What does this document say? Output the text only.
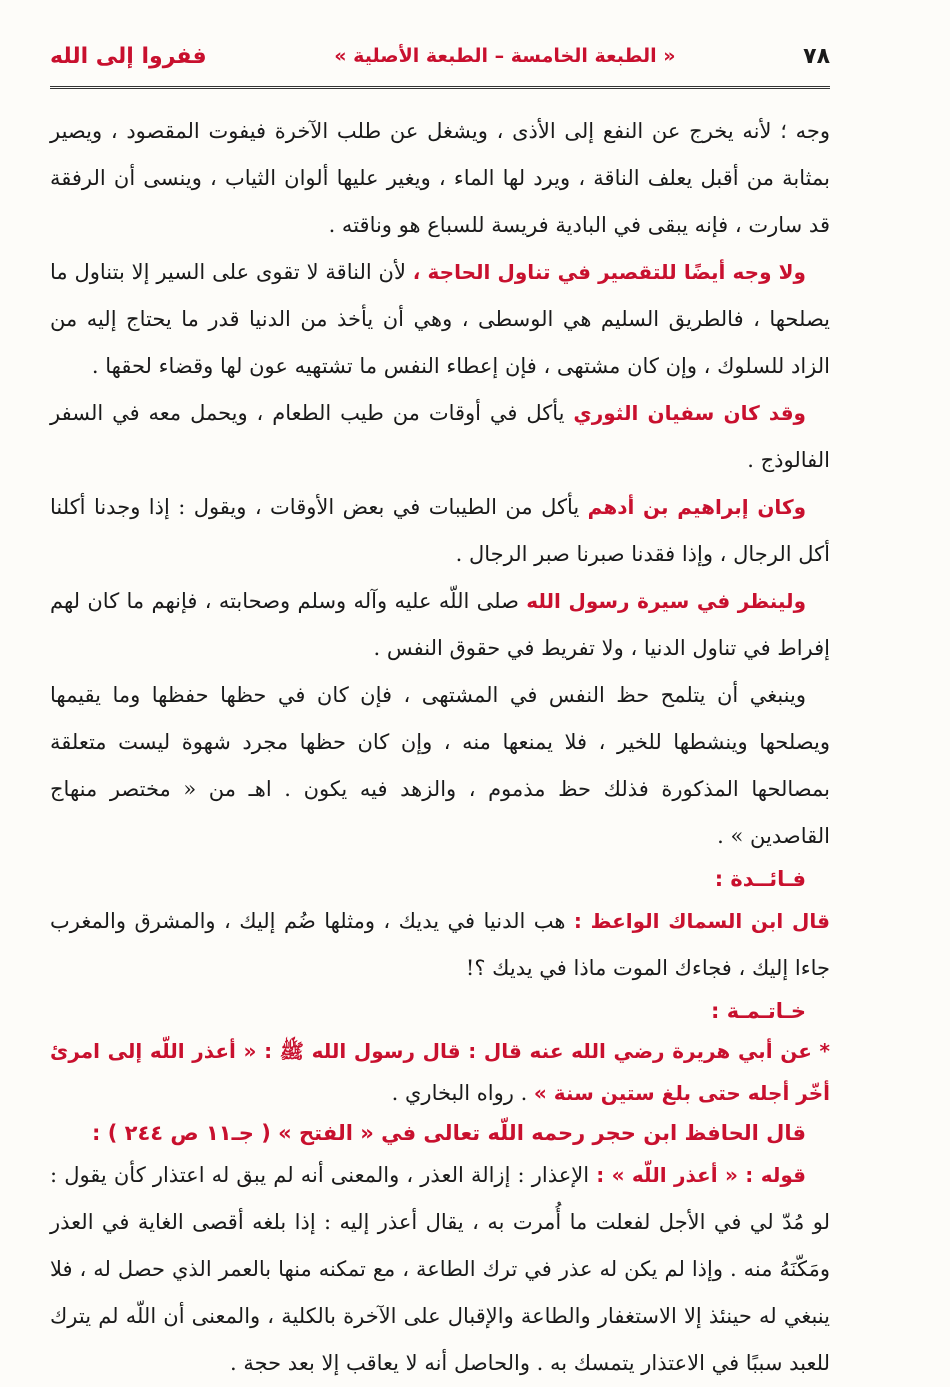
٧٨
« الطبعة الخامسة – الطبعة الأصلية »
ففروا إلى الله

وجه ؛ لأنه يخرج عن النفع إلى الأذى ، ويشغل عن طلب الآخرة فيفوت المقصود ، ويصير بمثابة من أقبل يعلف الناقة ، ويرد لها الماء ، ويغير عليها ألوان الثياب ، وينسى أن الرفقة قد سارت ، فإنه يبقى في البادية فريسة للسباع هو وناقته .

ولا وجه أيضًا للتقصير في تناول الحاجة ، لأن الناقة لا تقوى على السير إلا بتناول ما يصلحها ، فالطريق السليم هي الوسطى ، وهي أن يأخذ من الدنيا قدر ما يحتاج إليه من الزاد للسلوك ، وإن كان مشتهى ، فإن إعطاء النفس ما تشتهيه عون لها وقضاء لحقها .

وقد كان سفيان الثوري يأكل في أوقات من طيب الطعام ، ويحمل معه في السفر الفالوذج .

وكان إبراهيم بن أدهم يأكل من الطيبات في بعض الأوقات ، ويقول : إذا وجدنا أكلنا أكل الرجال ، وإذا فقدنا صبرنا صبر الرجال .

ولينظر في سيرة رسول الله صلى اللّه عليه وآله وسلم وصحابته ، فإنهم ما كان لهم إفراط في تناول الدنيا ، ولا تفريط في حقوق النفس .

وينبغي أن يتلمح حظ النفس في المشتهى ، فإن كان في حظها حفظها وما يقيمها ويصلحها وينشطها للخير ، فلا يمنعها منه ، وإن كان حظها مجرد شهوة ليست متعلقة بمصالحها المذكورة فذلك حظ مذموم ، والزهد فيه يكون . اهـ من « مختصر منهاج القاصدين » .

فـائــدة :

قال ابن السماك الواعظ : هب الدنيا في يديك ، ومثلها ضُم إليك ، والمشرق والمغرب جاءا إليك ، فجاءك الموت ماذا في يديك ؟!

خـاتـمـة :

* عن أبي هريرة رضي الله عنه قال : قال رسول الله ﷺ : « أعذر اللّه إلى امرئ أخّر أجله حتى بلغ ستين سنة » . رواه البخاري .

قال الحافظ ابن حجر رحمه اللّه تعالى في « الفتح » ( جـ١١ ص ٢٤٤ ) :

قوله : « أعذر اللّه » : الإعذار : إزالة العذر ، والمعنى أنه لم يبق له اعتذار كأن يقول : لو مُدّ لي في الأجل لفعلت ما أُمرت به ، يقال أعذر إليه : إذا بلغه أقصى الغاية في العذر ومَكّنَهُ منه . وإذا لم يكن له عذر في ترك الطاعة ، مع تمكنه منها بالعمر الذي حصل له ، فلا ينبغي له حينئذ إلا الاستغفار والطاعة والإقبال على الآخرة بالكلية ، والمعنى أن اللّه لم يترك للعبد سببًا في الاعتذار يتمسك به . والحاصل أنه لا يعاقب إلا بعد حجة .
